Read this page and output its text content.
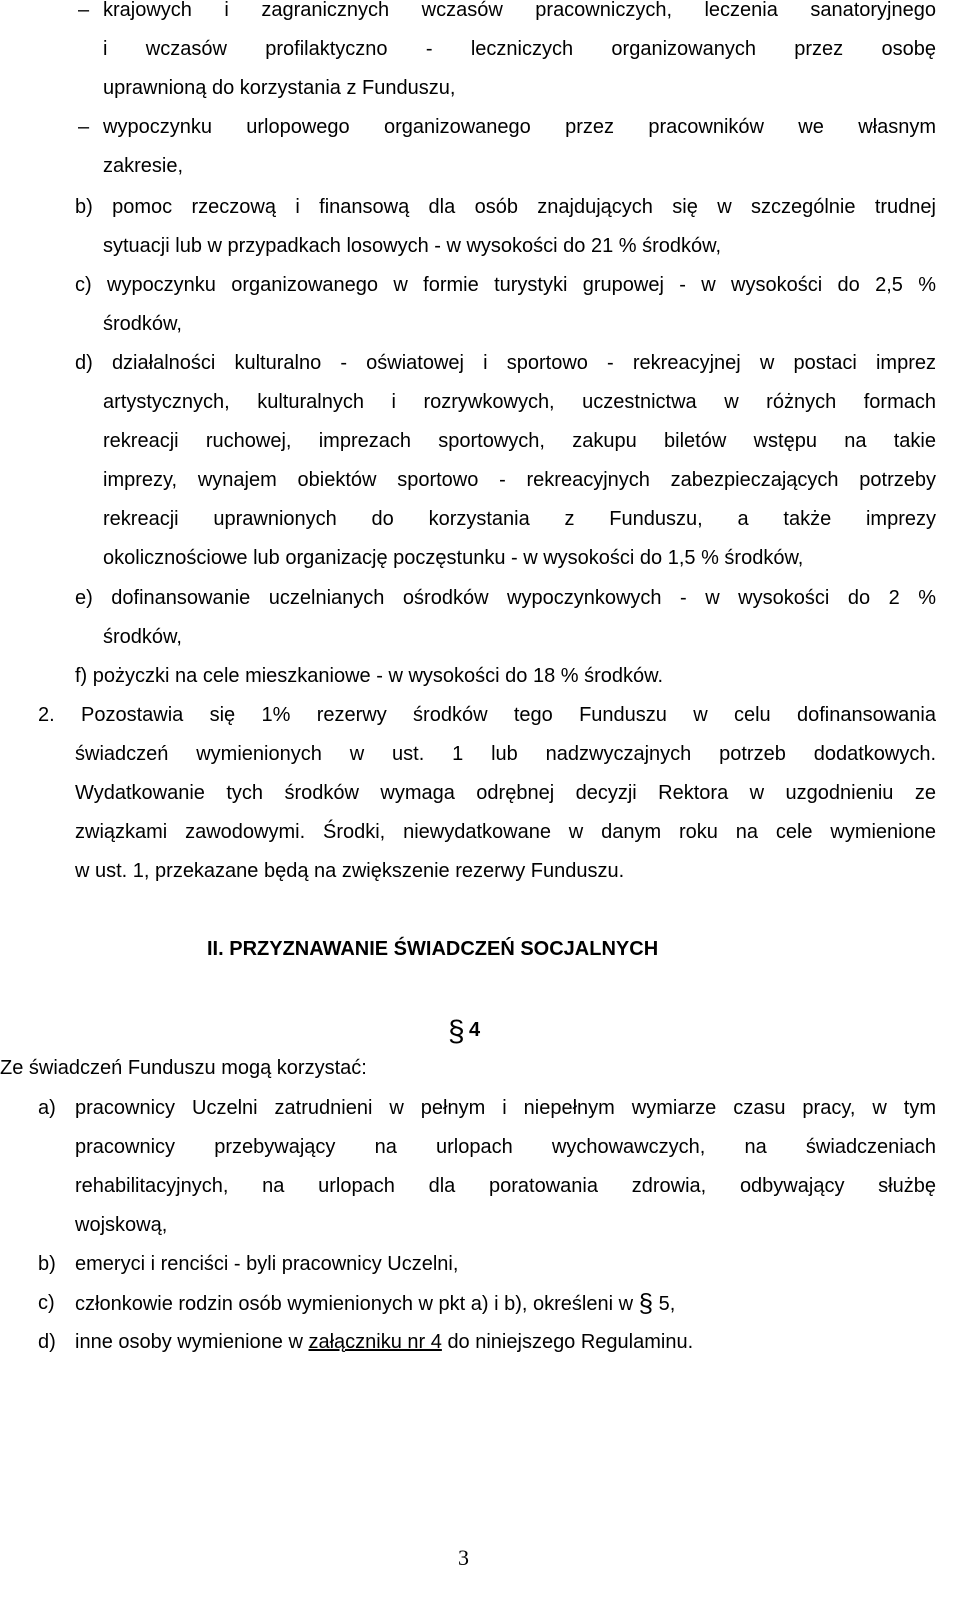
– krajowych i zagranicznych wczasów pracowniczych, leczenia sanatoryjnego
i wczasów profilaktyczno - leczniczych organizowanych przez osobę
uprawnioną do korzystania z Funduszu,
– wypoczynku urlopowego organizowanego przez pracowników we własnym
zakresie,
b) pomoc rzeczową i finansową dla osób znajdujących się w szczególnie trudnej
sytuacji lub w przypadkach losowych - w wysokości do 21 % środków,
c) wypoczynku organizowanego w formie turystyki grupowej - w wysokości do 2,5 %
środków,
d) działalności kulturalno - oświatowej i sportowo - rekreacyjnej w postaci imprez
artystycznych, kulturalnych i rozrywkowych, uczestnictwa w różnych formach
rekreacji ruchowej, imprezach sportowych, zakupu biletów wstępu na takie
imprezy, wynajem obiektów sportowo - rekreacyjnych zabezpieczających potrzeby
rekreacji uprawnionych do korzystania z Funduszu, a także imprezy
okolicznościowe lub organizację poczęstunku - w wysokości do 1,5 % środków,
e) dofinansowanie uczelnianych ośrodków wypoczynkowych - w wysokości do 2 %
środków,
f) pożyczki na cele mieszkaniowe - w wysokości do 18 % środków.
2. Pozostawia się 1% rezerwy środków tego Funduszu w celu dofinansowania
świadczeń wymienionych w ust. 1 lub nadzwyczajnych potrzeb dodatkowych.
Wydatkowanie tych środków wymaga odrębnej decyzji Rektora w uzgodnieniu ze
związkami zawodowymi. Środki, niewydatkowane w danym roku na cele wymienione
w ust. 1, przekazane będą na zwiększenie rezerwy Funduszu.
II. PRZYZNAWANIE ŚWIADCZEŃ SOCJALNYCH
§ 4
Ze świadczeń Funduszu mogą korzystać:
a) pracownicy Uczelni zatrudnieni w pełnym i niepełnym wymiarze czasu pracy, w tym
pracownicy przebywający na urlopach wychowawczych, na świadczeniach
rehabilitacyjnych, na urlopach dla poratowania zdrowia, odbywający służbę
wojskową,
b) emeryci i renciści - byli pracownicy Uczelni,
c) członkowie rodzin osób wymienionych w pkt a) i b), określeni w § 5,
d) inne osoby wymienione w załączniku nr 4 do niniejszego Regulaminu.
3
